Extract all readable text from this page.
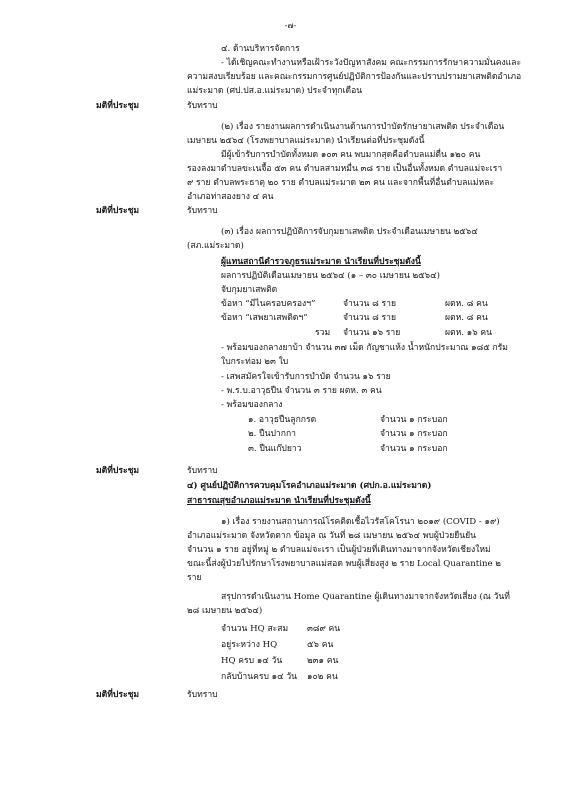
-๗-
๔. ด้านบริหารจัดการ
- ได้เชิญคณะทำงานหรือเฝ้าระวังปัญหาสังคม คณะกรรมการรักษาความมั่นคงและ
ความสงบเรียบร้อย และคณะกรรมการศูนย์ปฏิบัติการป้องกันและปราบปรามยาเสพติดอำเภอ
แม่ระมาด (ศป.ปส.อ.แม่ระมาด) ประจำทุกเดือน
มติที่ประชุม	รับทราบ
(๒) เรื่อง รายงานผลการดำเนินงานด้านการบำบัดรักษายาเสพติด ประจำเดือน
เมษายน ๒๕๖๔ (โรงพยาบาลแม่ระมาด) นำเรียนต่อที่ประชุมดังนี้
มีผู้เข้ารับการบำบัดทั้งหมด ๑๐๓ คน พบมากสุดคือตำบลแม่ตื่น ๑๒๐ คน
รองลงมาตำบลขะเนจื้อ ๕๓ คน ตำบลสามหมื่น ๓๘ ราย เป็นอื่นทั้งหมด ตำบลแม่จะเรา
๙ ราย ตำบลพระธาตุ ๒๐ ราย ตำบลแม่ระมาด ๒๓ คน และจากพื้นที่อื่นตำบลแม่หละ
อำเภอท่าสองยาง ๔ คน
มติที่ประชุม	รับทราบ
(๓) เรื่อง ผลการปฏิบัติการจับกุมยาเสพติด ประจำเดือนเมษายน ๒๕๖๔
(สภ.แม่ระมาด)
ผู้แทนสถานีตำรวจภูธรแม่ระมาด นำเรียนที่ประชุมดังนี้
ผลการปฏิบัติเดือนเมษายน ๒๕๖๔ (๑ – ๓๐ เมษายน ๒๕๖๔)
จับกุมยาเสพติด
ข้อหา “มีไนครอบครองฯ”	จำนวน ๘ ราย	ผตห. ๘ คน
ข้อหา “เสพยาเสพติดฯ”	จำนวน ๘ ราย	ผตห. ๘ คน
รวม จำนวน ๑๖ ราย	ผตห. ๑๖ คน
- พร้อมของกลางยาบ้า จำนวน ๓๗ เม็ด กัญชาแห้ง น้ำหนักประมาณ ๑๘๕ กรัม
ใบกระท่อม ๒๓ ใบ
- เสพสมัครใจเข้ารับการบำบัด จำนวน ๑๖ ราย
- พ.ร.บ.อาวุธปืน จำนวน ๓ ราย ผตห. ๓ คน
- พร้อมของกลาง
๑. อาวุธปืนลูกกรด	จำนวน ๑ กระบอก
๒. ปืนปากกา	จำนวน ๑ กระบอก
๓. ปืนแก๊ปยาว	จำนวน ๑ กระบอก
มติที่ประชุม	รับทราบ
๔) ศูนย์ปฏิบัติการควบคุมโรคอำเภอแม่ระมาด (ศปก.อ.แม่ระมาด)
สาธารณสุขอำเภอแม่ระมาด นำเรียนที่ประชุมดังนี้
๑) เรื่อง รายงานสถานการณ์โรคติดเชื้อไวรัสโคโรนา ๒๐๑๙ (COVID - ๑๙)
อำเภอแม่ระมาด จังหวัดตาก ข้อมูล ณ วันที่ ๒๘ เมษายน ๒๕๖๔ พบผู้ป่วยยืนยัน
จำนวน ๑ ราย อยู่ที่หมู่ ๒ ตำบลแม่จะเรา เป็นผู้ป่วยที่เดินทางมาจากจังหวัดเชียงใหม่
ขณะนี้ส่งผู้ป่วยไปรักษาโรงพยาบาลแม่สอด พบผู้เสี่ยงสูง ๒ ราย Local Quarantine ๒
ราย
สรุปการดำเนินงาน Home Quarantine ผู้เดินทางมาจากจังหวัดเสี่ยง (ณ วันที่
๒๘ เมษายน ๒๕๖๔)
จำนวน HQ สะสม ๓๘๙ คน
อยู่ระหว่าง HQ	๕๖ คน
HQ ครบ ๑๔ วัน	๒๓๑ คน
กลับบ้านครบ ๑๔ วัน ๑๐๒ คน
มติที่ประชุม	รับทราบ
